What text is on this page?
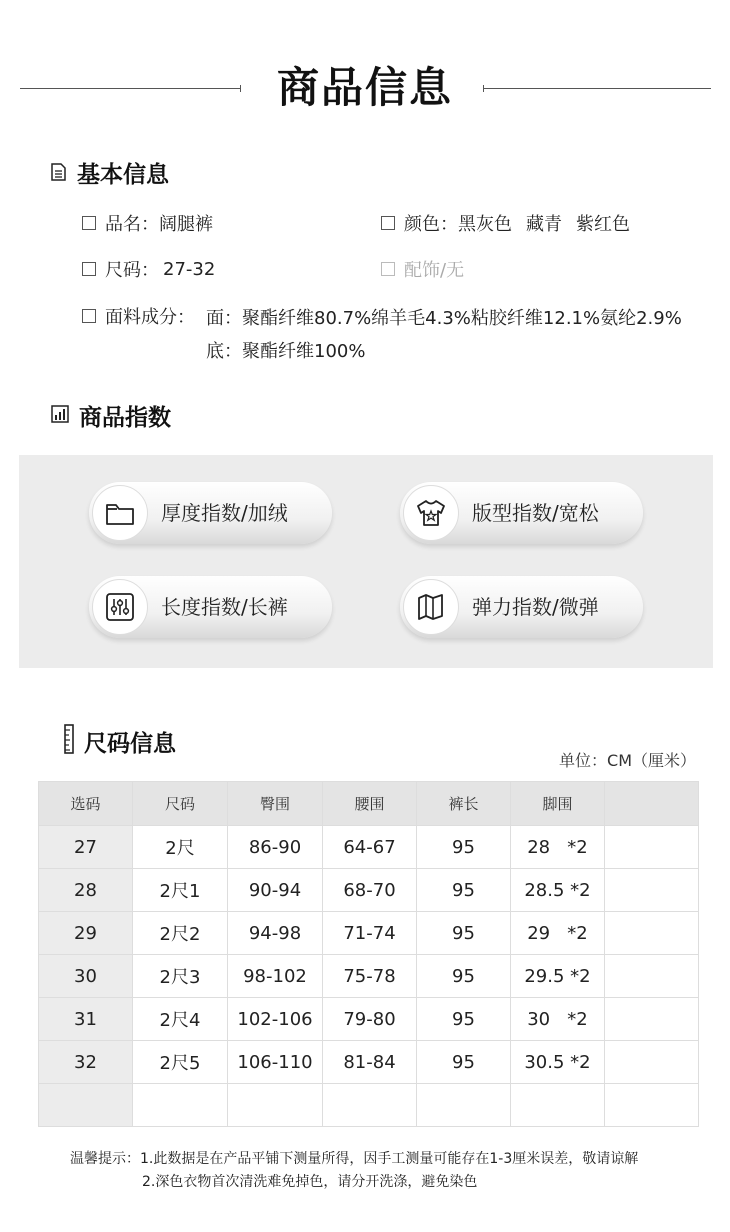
商品信息
基本信息
品名： 阔腿裤	颜色： 黑灰色 藏青 紫红色
尺码： 27-32	配饰/无
面料成分： 面：聚酯纤维80.7%绵羊毛4.3%粘胶纤维12.1%氨纶2.9%
底：聚酯纤维100%
商品指数
厚度指数/加绒	版型指数/宽松
长度指数/长裤	弹力指数/微弹
尺码信息
单位：CM（厘米）
选码	尺码	臀围	腰围	裤长	脚围	
27	2尺	86-90	64-67	95	28   *2	
28	2尺1	90-94	68-70	95	28.5 *2	
29	2尺2	94-98	71-74	95	29   *2	
30	2尺3	98-102	75-78	95	29.5 *2	
31	2尺4	102-106	79-80	95	30   *2	
32	2尺5	106-110	81-84	95	30.5 *2	

温馨提示：1.此数据是在产品平铺下测量所得，因手工测量可能存在1-3厘米误差，敬请谅解
2.深色衣物首次清洗难免掉色，请分开洗涤，避免染色
